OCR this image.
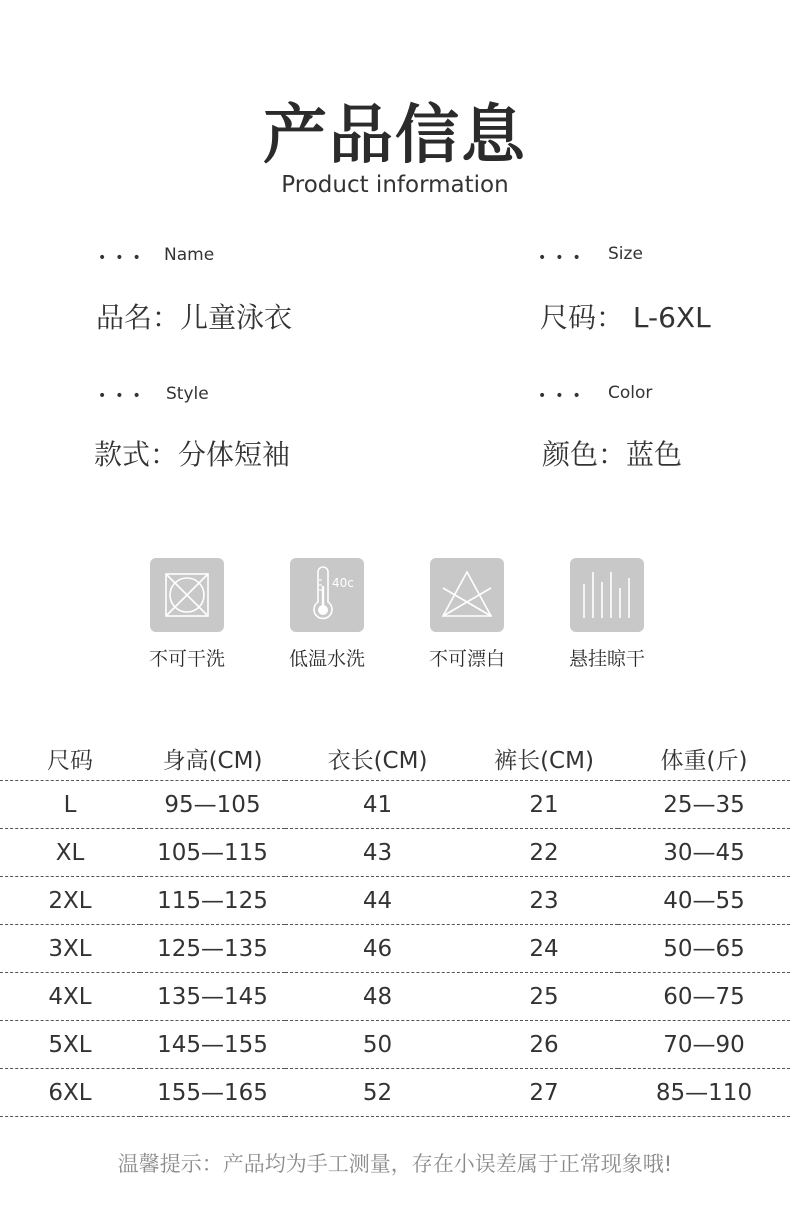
产品信息
Product information
••• Name
品名：儿童泳衣
••• Size
尺码： L-6XL
••• Style
款式：分体短袖
••• Color
颜色：蓝色
不可干洗
40c
低温水洗	不可漂白	悬挂晾干
尺码	身高(CM)	衣长(CM)	裤长(CM)	体重(斤)
L	95—105	41	21	25—35
XL	105—115	43	22	30—45
2XL	115—125	44	23	40—55
3XL	125—135	46	24	50—65
4XL	135—145	48	25	60—75
5XL	145—155	50	26	70—90
6XL	155—165	52	27	85—110
温馨提示：产品均为手工测量，存在小误差属于正常现象哦!
